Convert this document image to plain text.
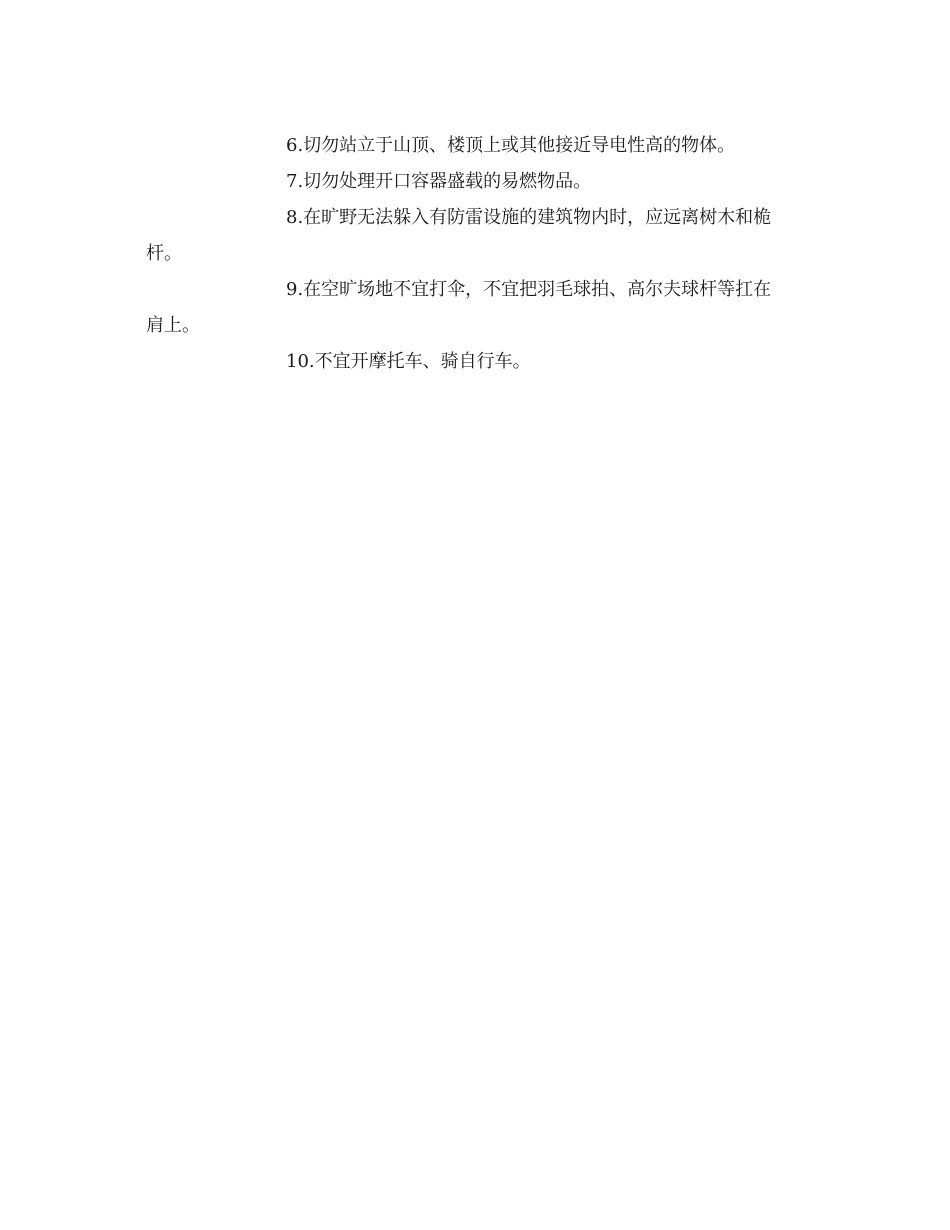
6.切勿站立于山顶、楼顶上或其他接近导电性高的物体。

7.切勿处理开口容器盛载的易燃物品。

8.在旷野无法躲入有防雷设施的建筑物内时，应远离树木和桅
杆。

9.在空旷场地不宜打伞，不宜把羽毛球拍、高尔夫球杆等扛在
肩上。

10.不宜开摩托车、骑自行车。
